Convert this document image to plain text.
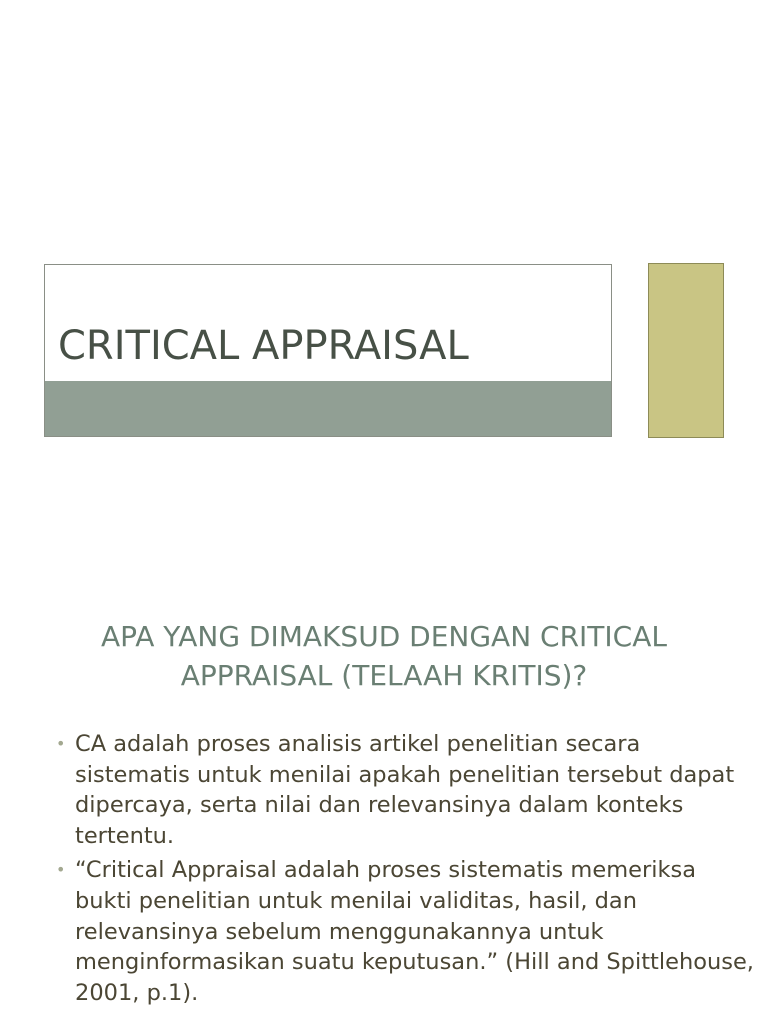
CRITICAL APPRAISAL
APA YANG DIMAKSUD DENGAN CRITICAL APPRAISAL (TELAAH KRITIS)?
• CA adalah proses analisis artikel penelitian secara sistematis untuk menilai apakah penelitian tersebut dapat dipercaya, serta nilai dan relevansinya dalam konteks tertentu.
• “Critical Appraisal adalah proses sistematis memeriksa bukti penelitian untuk menilai validitas, hasil, dan relevansinya sebelum menggunakannya untuk menginformasikan suatu keputusan.” (Hill and Spittlehouse, 2001, p.1).
